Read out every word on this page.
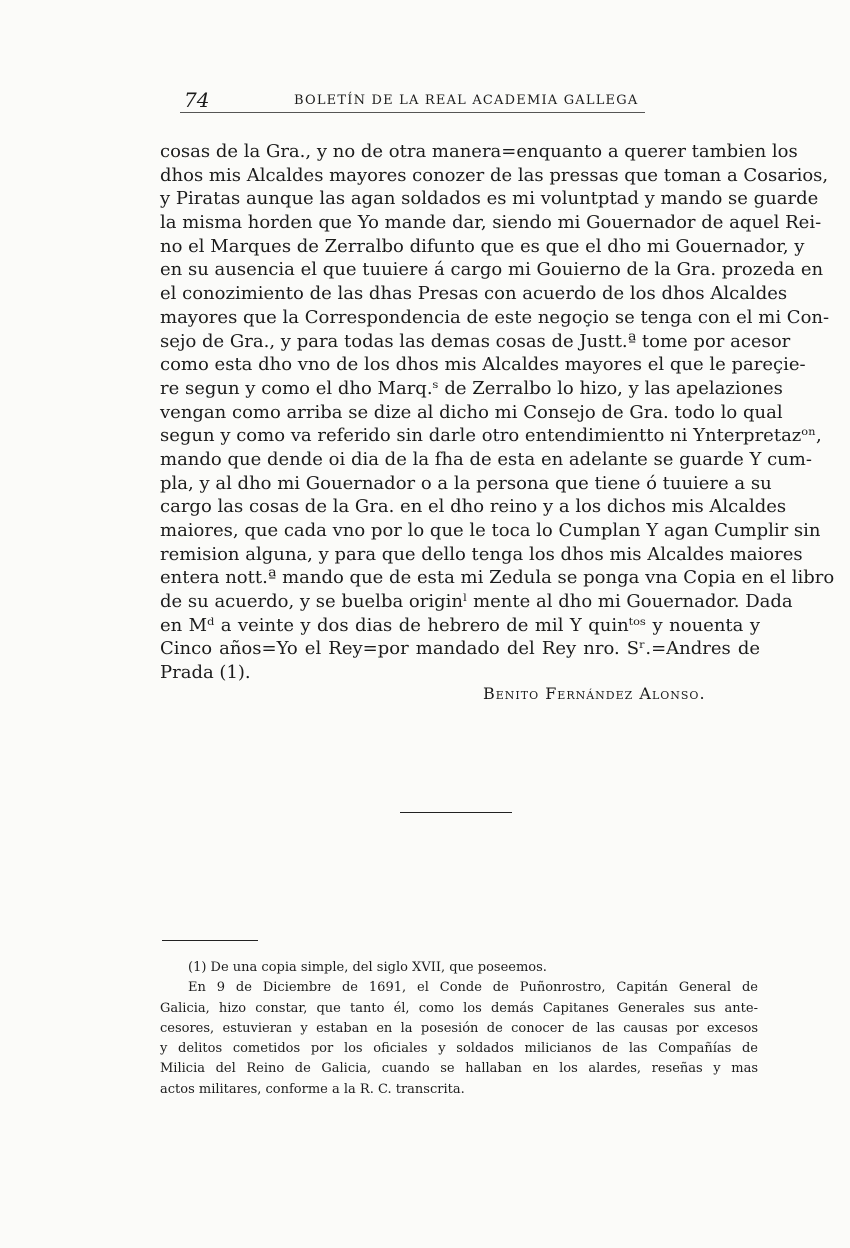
74	BOLETÍN DE LA REAL ACADEMIA GALLEGA
cosas de la Gra., y no de otra manera=enquanto a querer tambien los
dhos mis Alcaldes mayores conozer de las pressas que toman a Cosarios,
y Piratas aunque las agan soldados es mi voluntptad y mando se guarde
la misma horden que Yo mande dar, siendo mi Gouernador de aquel Rei-
no el Marques de Zerralbo difunto que es que el dho mi Gouernador, y
en su ausencia el que tuuiere á cargo mi Gouierno de la Gra. prozeda en
el conozimiento de las dhas Presas con acuerdo de los dhos Alcaldes
mayores que la Correspondencia de este negoçio se tenga con el mi Con-
sejo de Gra., y para todas las demas cosas de Justt.ª tome por acesor
como esta dho vno de los dhos mis Alcaldes mayores el que le pareçie-
re segun y como el dho Marq.ˢ de Zerralbo lo hizo, y las apelaziones
vengan como arriba se dize al dicho mi Consejo de Gra. todo lo qual
segun y como va referido sin darle otro entendimientto ni Ynterpretazᵒⁿ,
mando que dende oi dia de la fha de esta en adelante se guarde Y cum-
pla, y al dho mi Gouernador o a la persona que tiene ó tuuiere a su
cargo las cosas de la Gra. en el dho reino y a los dichos mis Alcaldes
maiores, que cada vno por lo que le toca lo Cumplan Y agan Cumplir sin
remision alguna, y para que dello tenga los dhos mis Alcaldes maiores
entera nott.ª mando que de esta mi Zedula se ponga vna Copia en el libro
de su acuerdo, y se buelba originˡ mente al dho mi Gouernador. Dada
en Mᵈ a veinte y dos dias de hebrero de mil Y quinᵗᵒˢ y nouenta y
Cinco años=Yo el Rey=por mandado del Rey nro. Sʳ.=Andres de
Prada (1).
Benito Fernández Alonso.
(1) De una copia simple, del siglo XVII, que poseemos.
En 9 de Diciembre de 1691, el Conde de Puñonrostro, Capitán General de
Galicia, hizo constar, que tanto él, como los demás Capitanes Generales sus ante-
cesores, estuvieran y estaban en la posesión de conocer de las causas por excesos
y delitos cometidos por los oficiales y soldados milicianos de las Compañías de
Milicia del Reino de Galicia, cuando se hallaban en los alardes, reseñas y mas
actos militares, conforme a la R. C. transcrita.
